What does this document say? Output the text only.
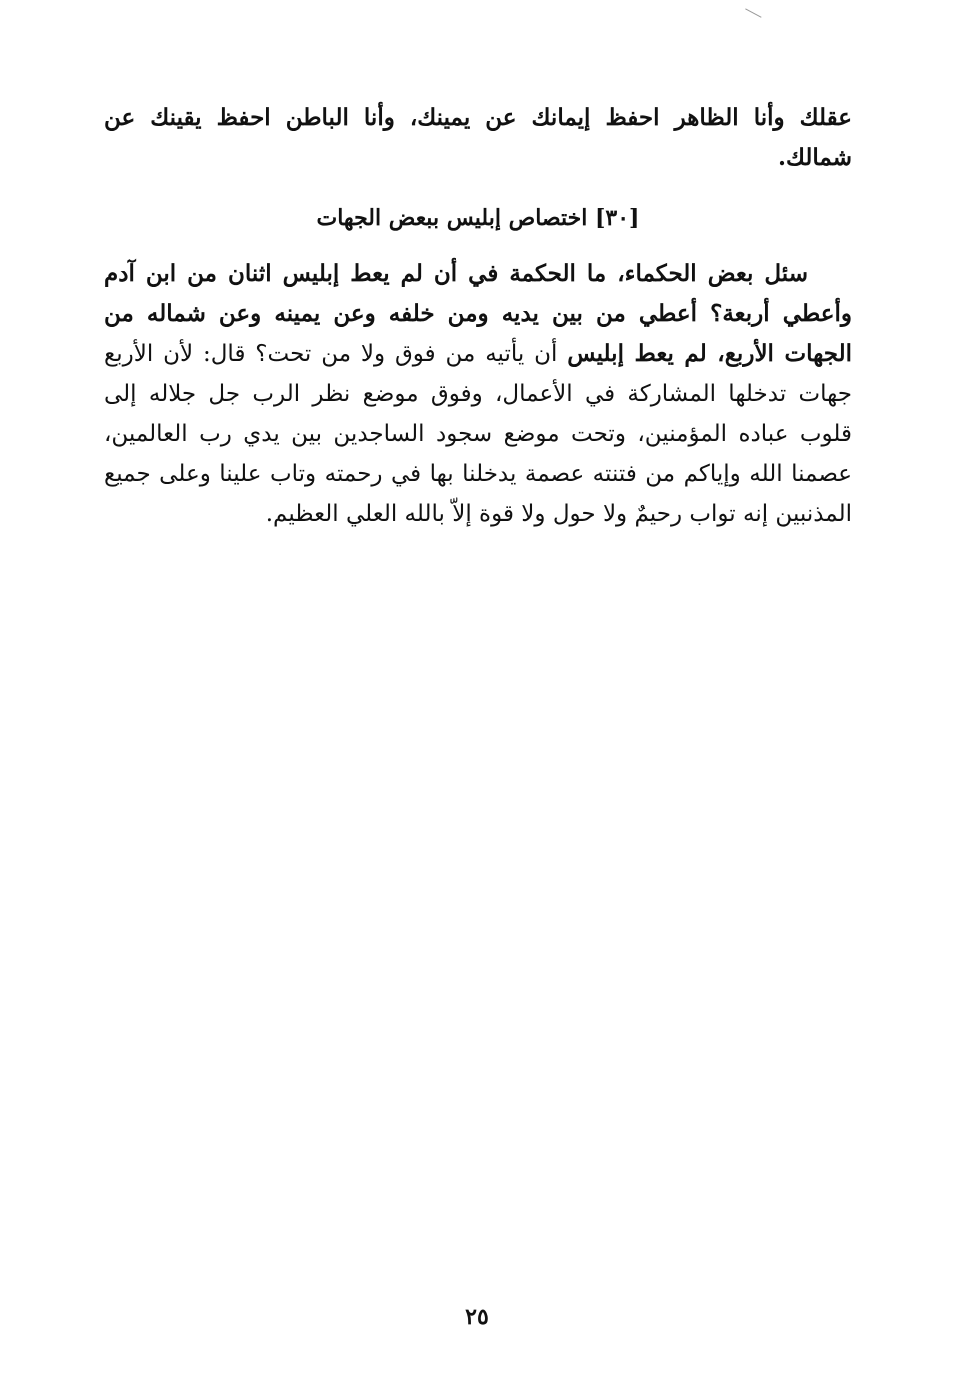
عقلك وأنا الظاهر احفظ إيمانك عن يمينك، وأنا الباطن احفظ يقينك عن شمالك.

[٣٠] اختصاص إبليس ببعض الجهات

سئل بعض الحكماء، ما الحكمة في أن لم يعط إبليس اثنان من ابن آدم وأعطي أربعة؟ أعطي من بين يديه ومن خلفه وعن يمينه وعن شماله من الجهات الأربع، لم يعط إبليس أن يأتيه من فوق ولا من تحت؟ قال: لأن الأربع جهات تدخلها المشاركة في الأعمال، وفوق موضع نظر الرب جل جلاله إلى قلوب عباده المؤمنين، وتحت موضع سجود الساجدين بين يدي رب العالمين، عصمنا الله وإياكم من فتنته عصمة يدخلنا بها في رحمته وتاب علينا وعلى جميع المذنبين إنه تواب رحيمٌ ولا حول ولا قوة إلاّ بالله العلي العظيم.

٢٥
